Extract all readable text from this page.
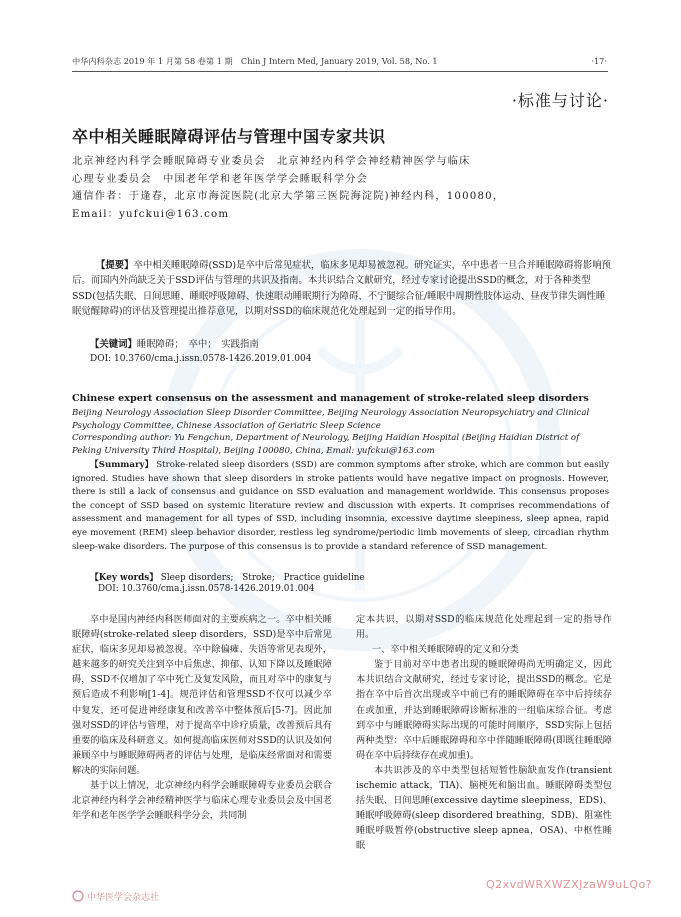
中华内科杂志 2019 年 1 月第 58 卷第 1 期　Chin J Intern Med, January 2019, Vol. 58, No. 1	·17·
·标准与讨论·
卒中相关睡眠障碍评估与管理中国专家共识
北京神经内科学会睡眠障碍专业委员会　北京神经内科学会神经精神医学与临床
心理专业委员会　中国老年学和老年医学学会睡眠科学分会
通信作者：于逢春，北京市海淀医院(北京大学第三医院海淀院)神经内科，100080，
Email：yufckui@163.com

【提要】卒中相关睡眠障碍(SSD)是卒中后常见症状，临床多见却易被忽视。研究证实，卒中患者一旦合并睡眠障碍将影响预后。而国内外尚缺乏关于SSD评估与管理的共识及指南。本共识结合文献研究，经过专家讨论提出SSD的概念，对于各种类型SSD(包括失眠、日间思睡、睡眠呼吸障碍、快速眼动睡眠期行为障碍、不宁腿综合征/睡眠中周期性肢体运动、昼夜节律失调性睡眠觉醒障碍)的评估及管理提出推荐意见，以期对SSD的临床规范化处理起到一定的指导作用。

【关键词】睡眠障碍；　卒中；　实践指南
DOI: 10.3760/cma.j.issn.0578-1426.2019.01.004
Chinese expert consensus on the assessment and management of stroke-related sleep disorders
Beijing Neurology Association Sleep Disorder Committee, Beijing Neurology Association Neuropsychiatry and Clinical Psychology Committee, Chinese Association of Geriatric Sleep Science
Corresponding author: Yu Fengchun, Department of Neurology, Beijing Haidian Hospital (Beijing Haidian District of Peking University Third Hospital), Beijing 100080, China, Email: yufckui@163.com

【Summary】 Stroke-related sleep disorders (SSD) are common symptoms after stroke, which are common but easily ignored. Studies have shown that sleep disorders in stroke patients would have negative impact on prognosis. However, there is still a lack of consensus and guidance on SSD evaluation and management worldwide. This consensus proposes the concept of SSD based on systemic literature review and discussion with experts. It comprises recommendations of assessment and management for all types of SSD, including insomnia, excessive daytime sleepiness, sleep apnea, rapid eye movement (REM) sleep behavior disorder, restless leg syndrome/periodic limb movements of sleep, circadian rhythm sleep-wake disorders. The purpose of this consensus is to provide a standard reference of SSD management.

【Key words】 Sleep disorders;　Stroke;　Practice guideline
DOI: 10.3760/cma.j.issn.0578-1426.2019.01.004

卒中是国内神经内科医师面对的主要疾病之一。卒中相关睡眠障碍(stroke-related sleep disorders，SSD)是卒中后常见症状，临床多见却易被忽视。卒中除偏瘫、失语等常见表现外，越来越多的研究关注到卒中后焦虑、抑郁、认知下降以及睡眠障碍，SSD不仅增加了卒中死亡及复发风险，而且对卒中的康复与预后造成不利影响[1-4]。规范评估和管理SSD不仅可以减少卒中复发，还可促进神经康复和改善卒中整体预后[5-7]。因此加强对SSD的评估与管理，对于提高卒中诊疗质量，改善预后具有重要的临床及科研意义。如何提高临床医师对SSD的认识及如何兼顾卒中与睡眠障碍两者的评估与处理，是临床经常面对和需要解决的实际问题。

基于以上情况，北京神经内科学会睡眠障碍专业委员会联合北京神经内科学会神经精神医学与临床心理专业委员会及中国老年学和老年医学学会睡眠科学分会，共同制

定本共识，以期对SSD的临床规范化处理起到一定的指导作用。

一、卒中相关睡眠障碍的定义和分类

鉴于目前对卒中患者出现的睡眠障碍尚无明确定义，因此本共识结合文献研究，经过专家讨论，提出SSD的概念。它是指在卒中后首次出现或卒中前已有的睡眠障碍在卒中后持续存在或加重，并达到睡眠障碍诊断标准的一组临床综合征。考虑到卒中与睡眠障碍实际出现的可能时间顺序，SSD实际上包括两种类型：卒中后睡眠障碍和卒中伴随睡眠障碍(即既往睡眠障碍在卒中后持续存在或加重)。

本共识涉及的卒中类型包括短暂性脑缺血发作(transient ischemic attack，TIA)、脑梗死和脑出血。睡眠障碍类型包括失眠、日间思睡(excessive daytime sleepiness，EDS)、睡眠呼吸障碍(sleep disordered breathing，SDB)、阻塞性睡眠呼吸暂停(obstructive sleep apnea，OSA)、中枢性睡眠

中华医学会杂志社
Q2xvdWRXWZXJzaW9uLQo?
